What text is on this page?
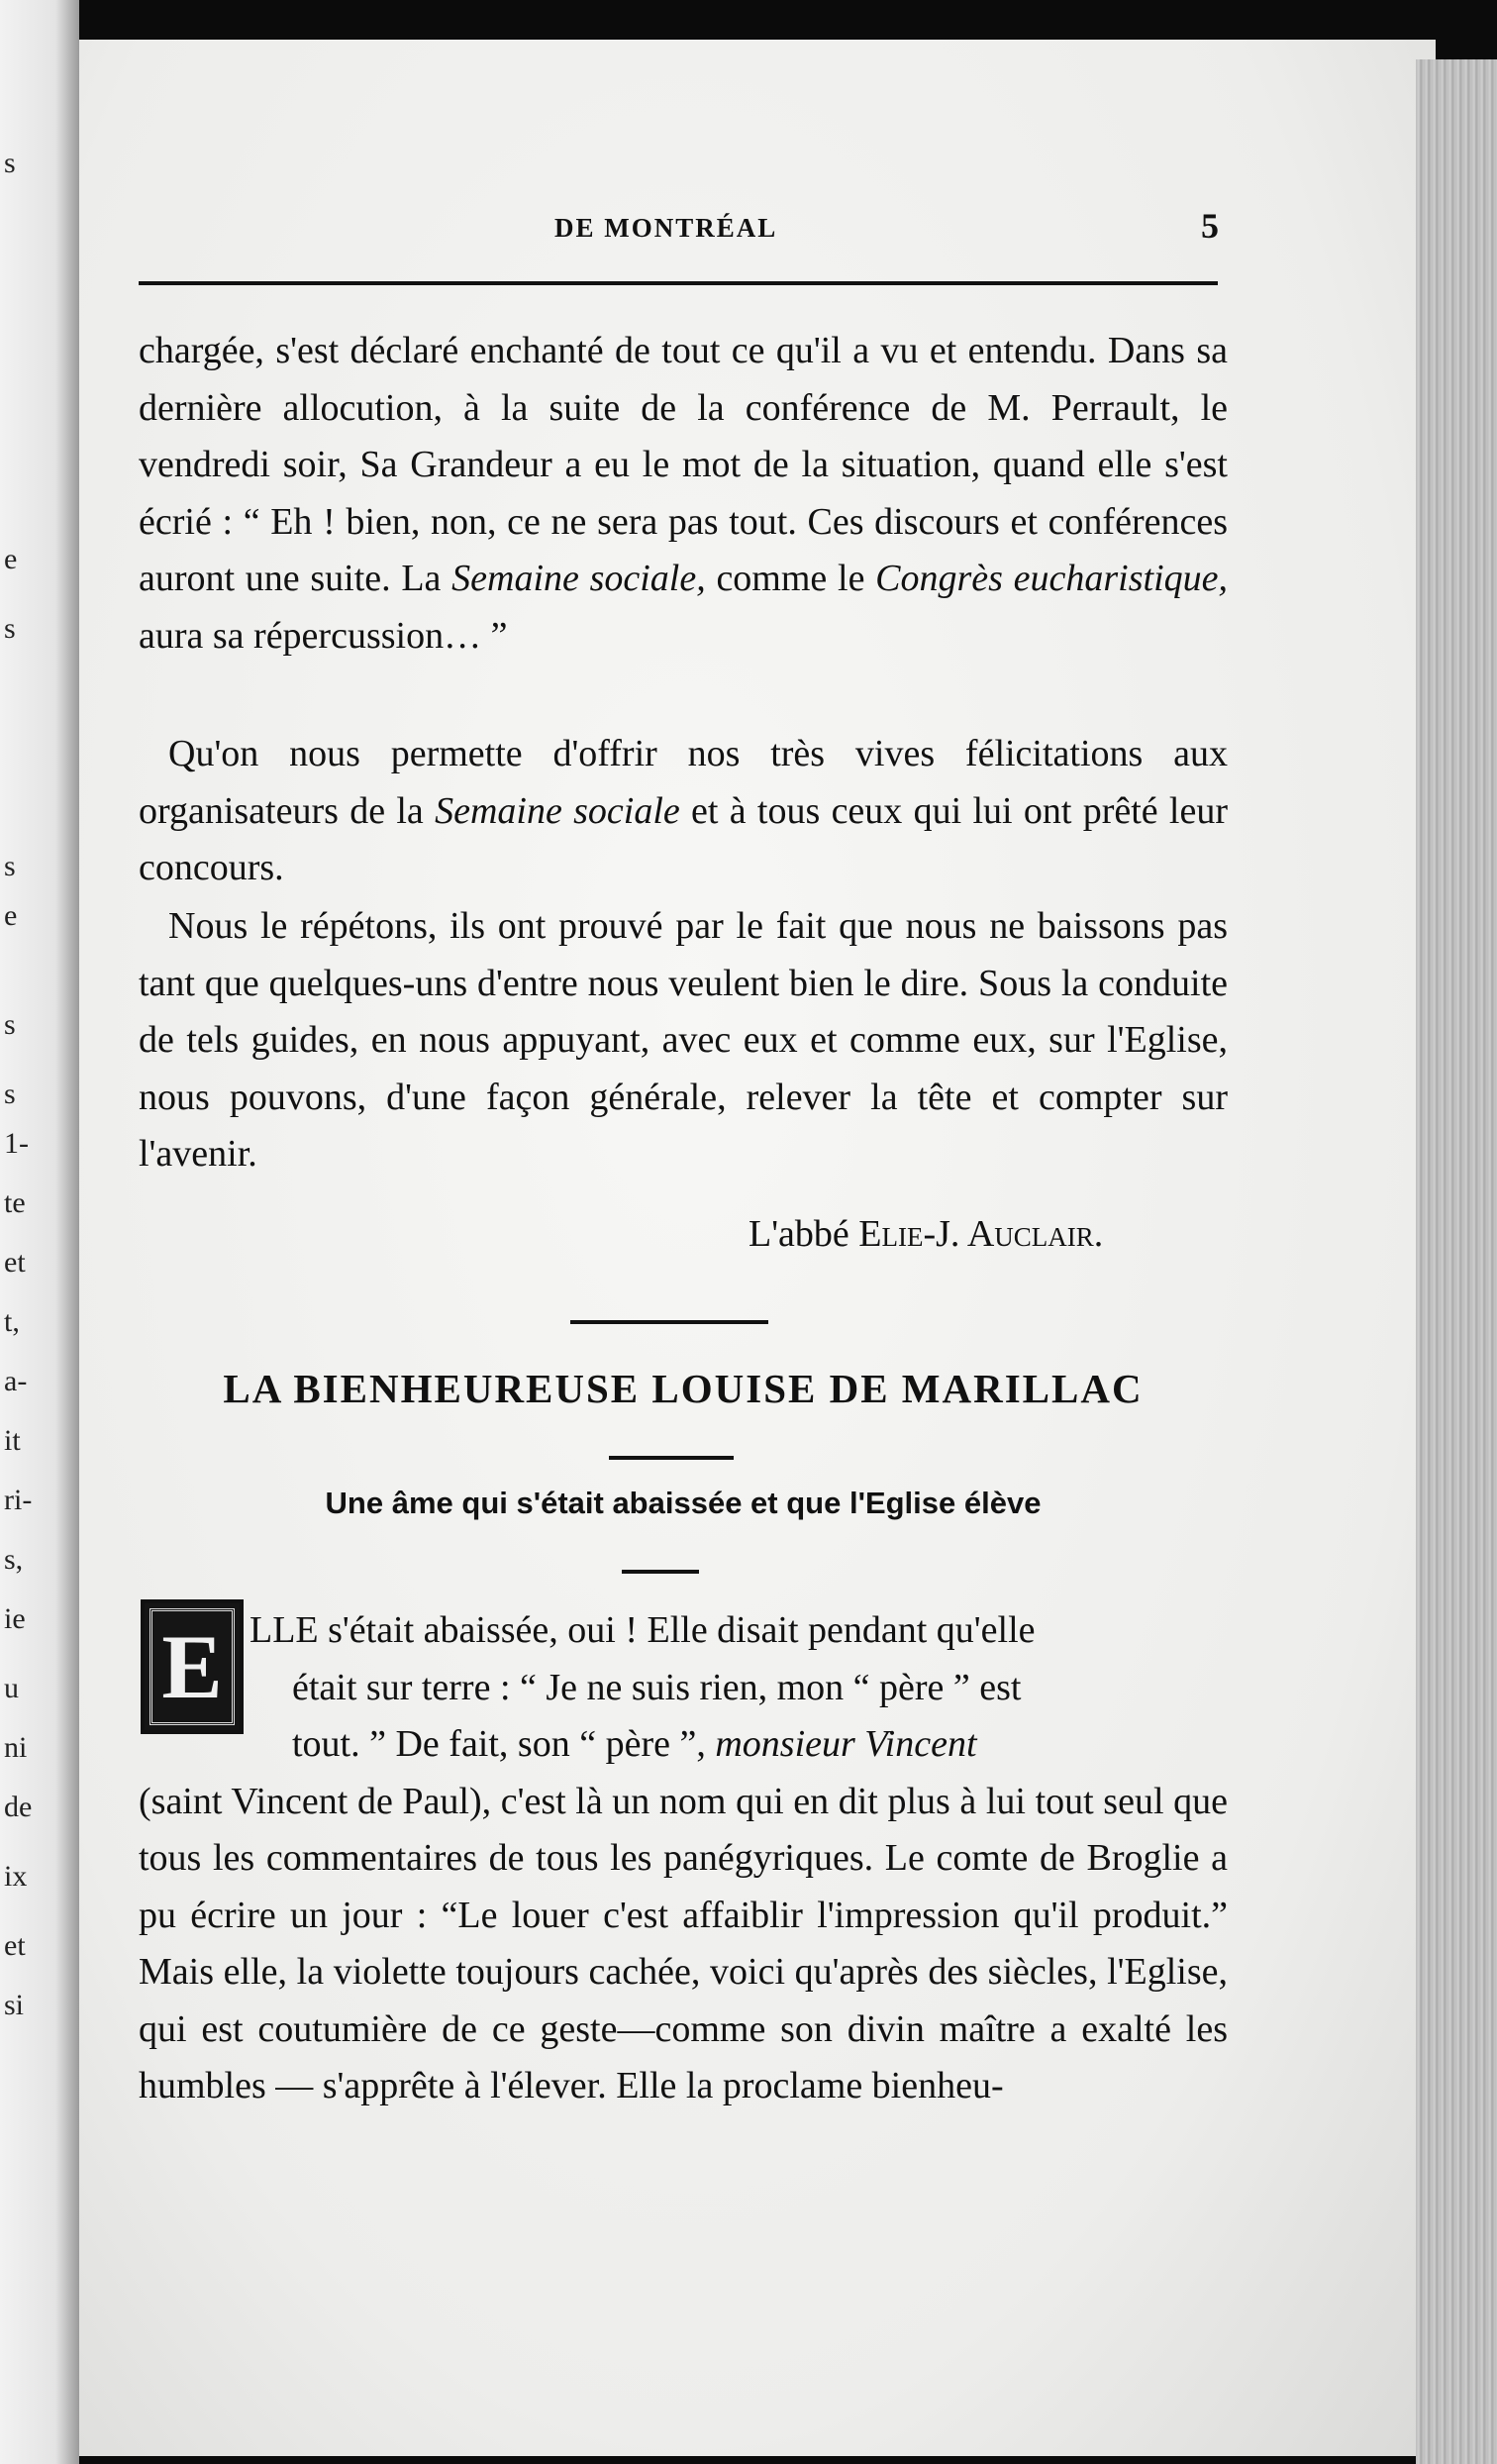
s
e
s
s
e
s
s
1-
te
et
t,
a-
it
ri-
s,
ie
u
ni
de
ix
et
si
DE MONTRÉAL	5

chargée, s'est déclaré enchanté de tout ce qu'il a vu et entendu. Dans sa dernière allocution, à la suite de la conférence de M. Perrault, le vendredi soir, Sa Grandeur a eu le mot de la situation, quand elle s'est écrié : “ Eh ! bien, non, ce ne sera pas tout. Ces discours et conférences auront une suite. La Semaine sociale, comme le Congrès eucharistique, aura sa répercussion… ”

Qu'on nous permette d'offrir nos très vives félicitations aux organisateurs de la Semaine sociale et à tous ceux qui lui ont prêté leur concours.

Nous le répétons, ils ont prouvé par le fait que nous ne baissons pas tant que quelques-uns d'entre nous veulent bien le dire. Sous la conduite de tels guides, en nous appuyant, avec eux et comme eux, sur l'Eglise, nous pouvons, d'une façon générale, relever la tête et compter sur l'avenir.

L'abbé Elie-J. Auclair.
LA BIENHEUREUSE LOUISE DE MARILLAC
Une âme qui s'était abaissée et que l'Eglise élève
E LLE s'était abaissée, oui ! Elle disait pendant qu'elle
était sur terre : “ Je ne suis rien, mon “ père ” est
tout. ” De fait, son “ père ”, monsieur Vincent
(saint Vincent de Paul), c'est là un nom qui en dit plus à lui tout seul que tous les commentaires de tous les panégyriques. Le comte de Broglie a pu écrire un jour : “Le louer c'est affaiblir l'impression qu'il produit.” Mais elle, la violette toujours cachée, voici qu'après des siècles, l'Eglise, qui est coutumière de ce geste—comme son divin maître a exalté les humbles — s'apprête à l'élever. Elle la proclame bienheu-
